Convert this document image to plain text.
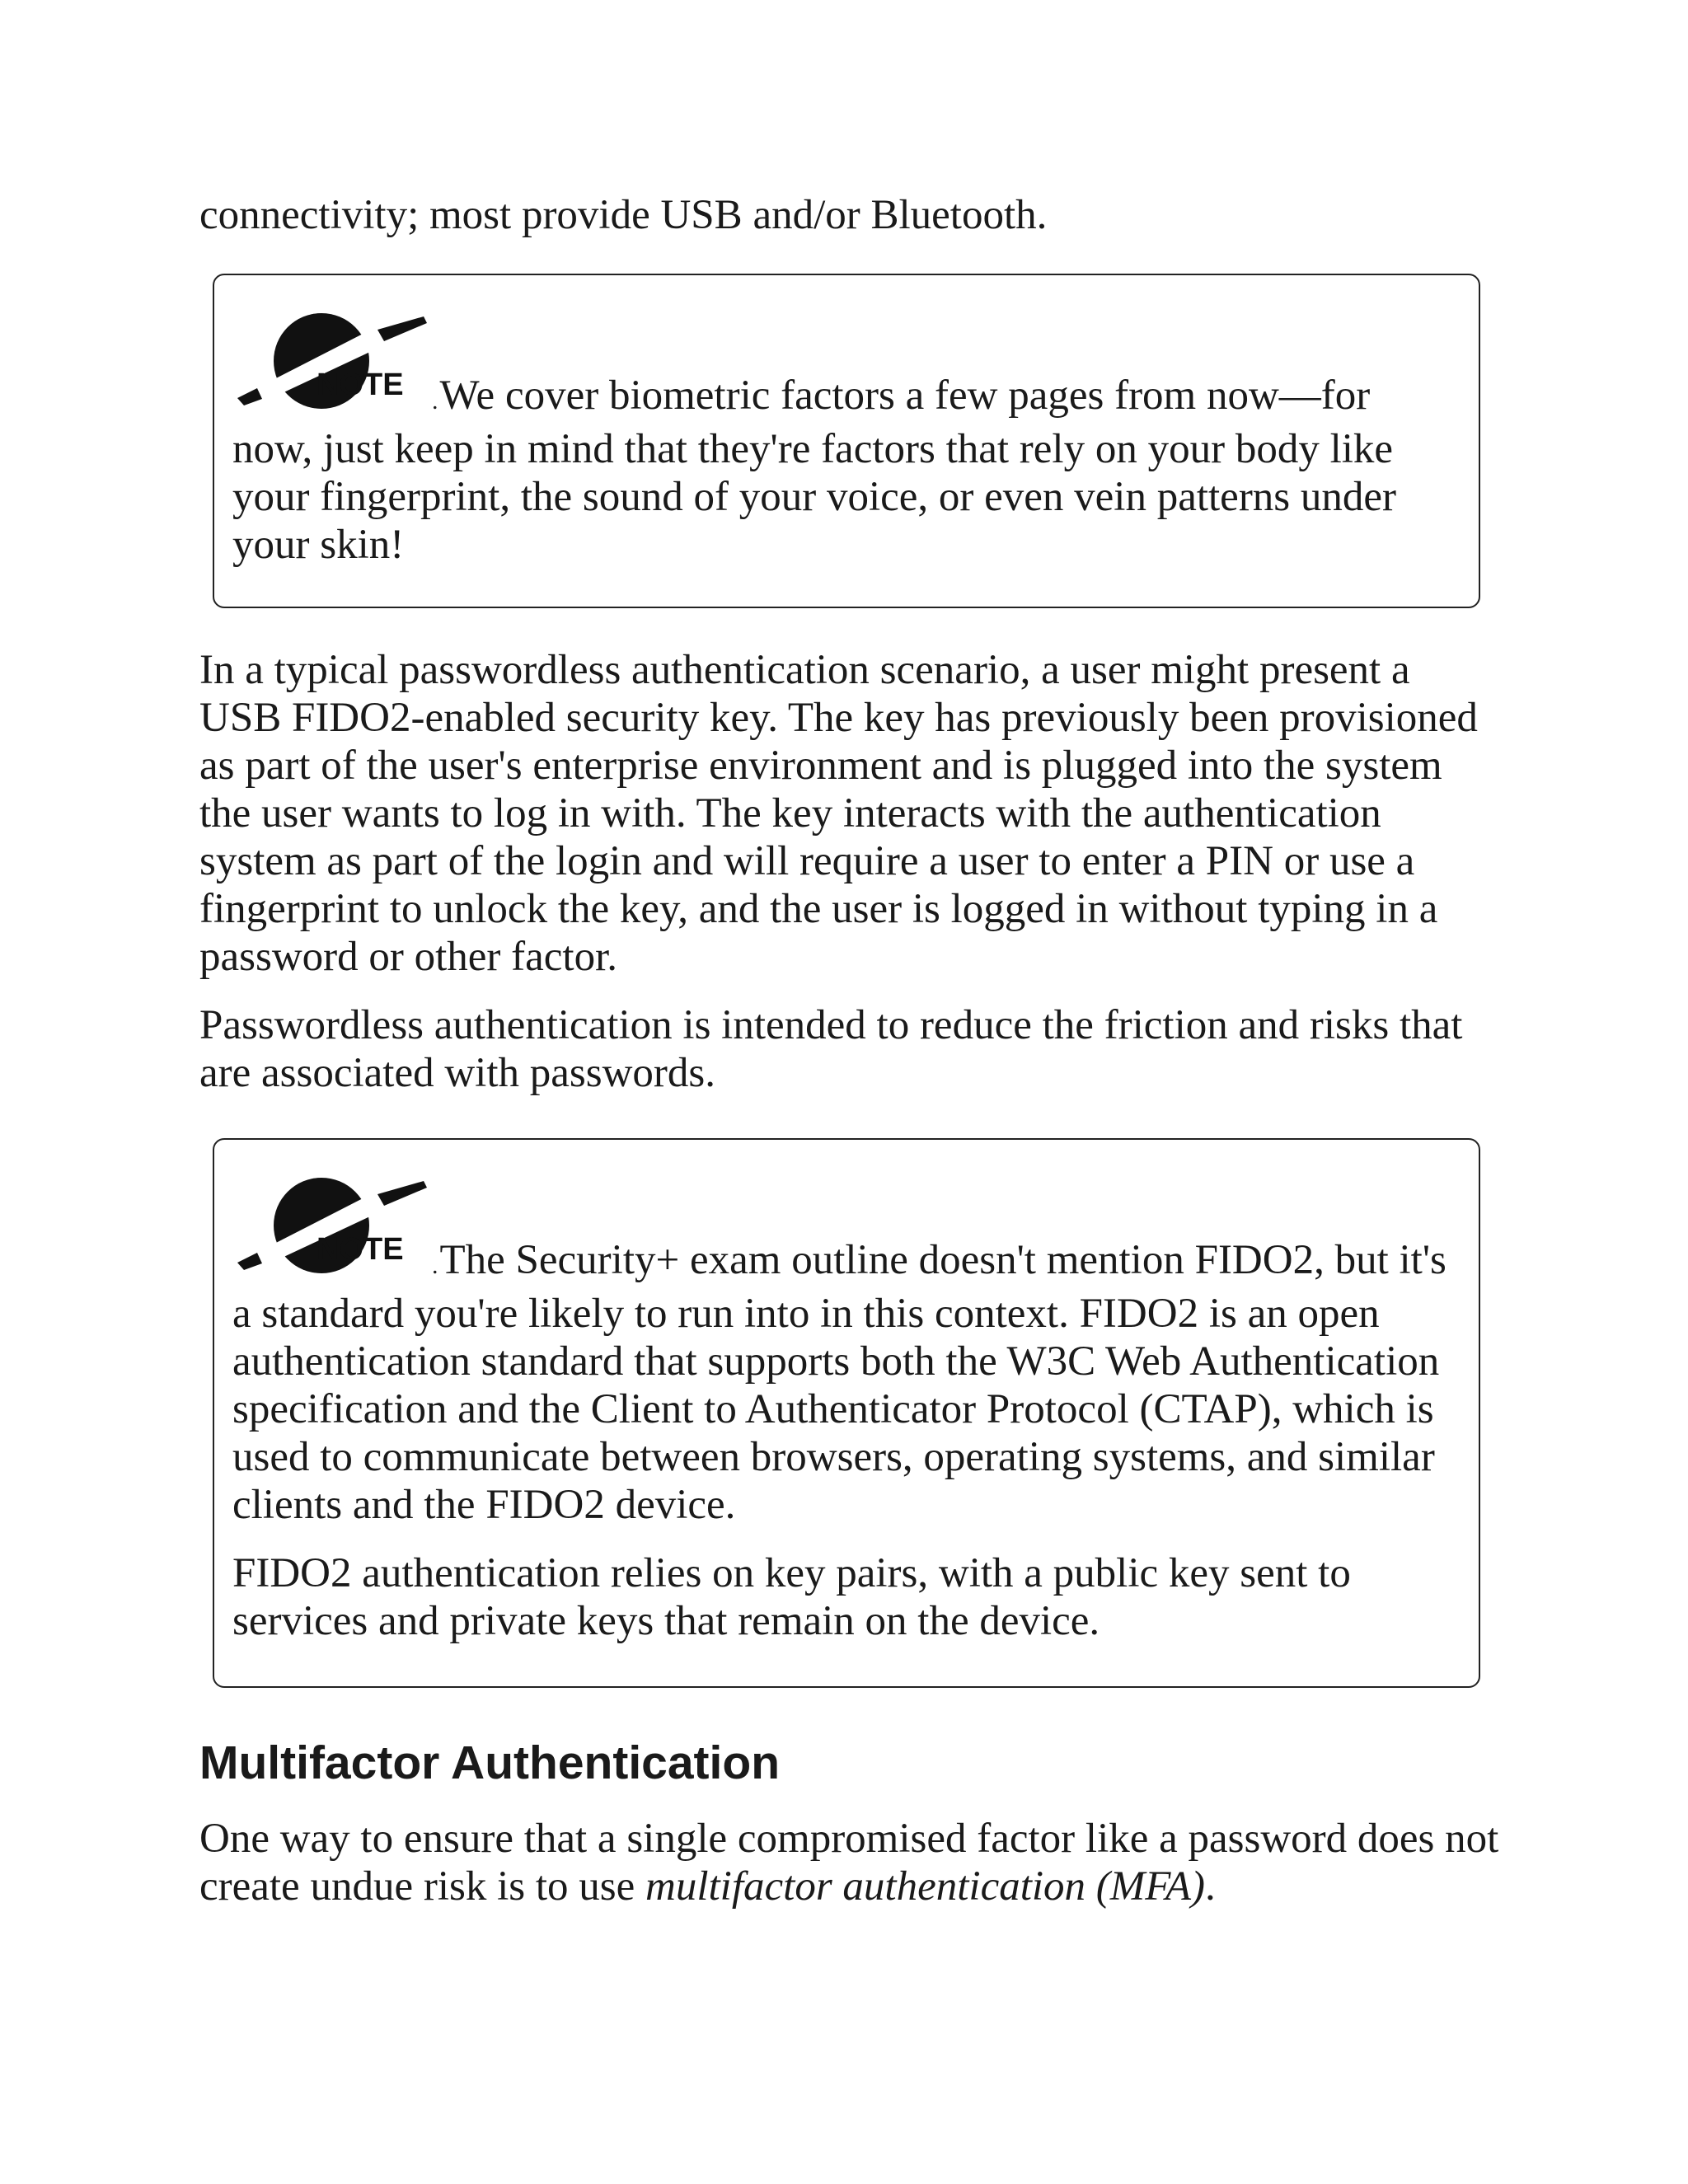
connectivity; most provide USB and/or Bluetooth.

NOTE .We cover biometric factors a few pages from now—for now, just keep in mind that they're factors that rely on your body like your fingerprint, the sound of your voice, or even vein patterns under your skin!

In a typical passwordless authentication scenario, a user might present a USB FIDO2-enabled security key. The key has previously been provisioned as part of the user's enterprise environment and is plugged into the system the user wants to log in with. The key interacts with the authentication system as part of the login and will require a user to enter a PIN or use a fingerprint to unlock the key, and the user is logged in without typing in a password or other factor.

Passwordless authentication is intended to reduce the friction and risks that are associated with passwords.

NOTE .The Security+ exam outline doesn't mention FIDO2, but it's a standard you're likely to run into in this context. FIDO2 is an open authentication standard that supports both the W3C Web Authentication specification and the Client to Authenticator Protocol (CTAP), which is used to communicate between browsers, operating systems, and similar clients and the FIDO2 device.

FIDO2 authentication relies on key pairs, with a public key sent to services and private keys that remain on the device.

Multifactor Authentication

One way to ensure that a single compromised factor like a password does not create undue risk is to use multifactor authentication (MFA).
